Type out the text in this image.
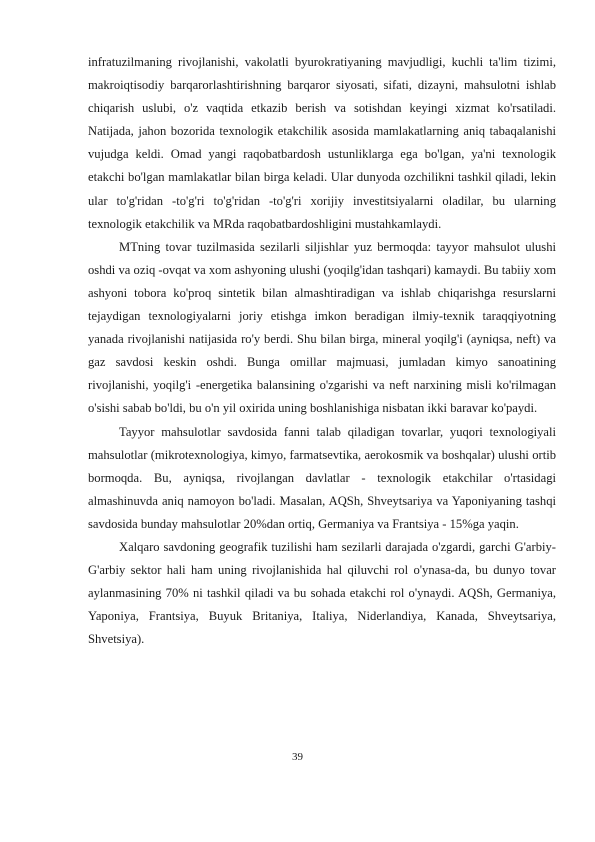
infratuzilmaning rivojlanishi, vakolatli byurokratiyaning mavjudligi, kuchli ta'lim tizimi, makroiqtisodiy barqarorlashtirishning barqaror siyosati, sifati, dizayni, mahsulotni ishlab chiqarish uslubi, o'z vaqtida etkazib berish va sotishdan keyingi xizmat ko'rsatiladi. Natijada, jahon bozorida texnologik etakchilik asosida mamlakatlarning aniq tabaqalanishi vujudga keldi. Omad yangi raqobatbardosh ustunliklarga ega bo'lgan, ya'ni texnologik etakchi bo'lgan mamlakatlar bilan birga keladi. Ular dunyoda ozchilikni tashkil qiladi, lekin ular to'g'ridan -to'g'ri to'g'ridan -to'g'ri xorijiy investitsiyalarni oladilar, bu ularning texnologik etakchilik va MRda raqobatbardoshligini mustahkamlaydi.

MTning tovar tuzilmasida sezilarli siljishlar yuz bermoqda: tayyor mahsulot ulushi oshdi va oziq -ovqat va xom ashyoning ulushi (yoqilg'idan tashqari) kamaydi. Bu tabiiy xom ashyoni tobora ko'proq sintetik bilan almashtiradigan va ishlab chiqarishga resurslarni tejaydigan texnologiyalarni joriy etishga imkon beradigan ilmiy-texnik taraqqiyotning yanada rivojlanishi natijasida ro'y berdi. Shu bilan birga, mineral yoqilg'i (ayniqsa, neft) va gaz savdosi keskin oshdi. Bunga omillar majmuasi, jumladan kimyo sanoatining rivojlanishi, yoqilg'i -energetika balansining o'zgarishi va neft narxining misli ko'rilmagan o'sishi sabab bo'ldi, bu o'n yil oxirida uning boshlanishiga nisbatan ikki baravar ko'paydi.

Tayyor mahsulotlar savdosida fanni talab qiladigan tovarlar, yuqori texnologiyali mahsulotlar (mikrotexnologiya, kimyo, farmatsevtika, aerokosmik va boshqalar) ulushi ortib bormoqda. Bu, ayniqsa, rivojlangan davlatlar - texnologik etakchilar o'rtasidagi almashinuvda aniq namoyon bo'ladi. Masalan, AQSh, Shveytsariya va Yaponiyaning tashqi savdosida bunday mahsulotlar 20%dan ortiq, Germaniya va Frantsiya - 15%ga yaqin.

Xalqaro savdoning geografik tuzilishi ham sezilarli darajada o'zgardi, garchi G'arbiy-G'arbiy sektor hali ham uning rivojlanishida hal qiluvchi rol o'ynasa-da, bu dunyo tovar aylanmasining 70% ni tashkil qiladi va bu sohada etakchi rol o'ynaydi. AQSh, Germaniya, Yaponiya, Frantsiya, Buyuk Britaniya, Italiya, Niderlandiya, Kanada, Shveytsariya, Shvetsiya).

39
